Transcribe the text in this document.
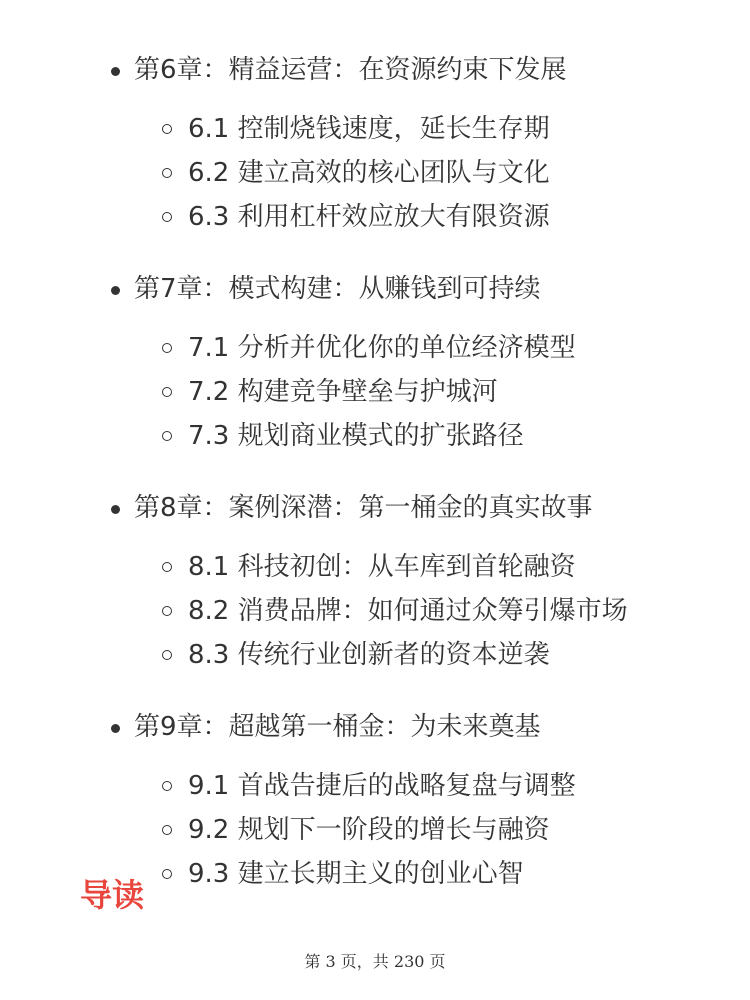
第6章：精益运营：在资源约束下发展
6.1 控制烧钱速度，延长生存期
6.2 建立高效的核心团队与文化
6.3 利用杠杆效应放大有限资源
第7章：模式构建：从赚钱到可持续
7.1 分析并优化你的单位经济模型
7.2 构建竞争壁垒与护城河
7.3 规划商业模式的扩张路径
第8章：案例深潜：第一桶金的真实故事
8.1 科技初创：从车库到首轮融资
8.2 消费品牌：如何通过众筹引爆市场
8.3 传统行业创新者的资本逆袭
第9章：超越第一桶金：为未来奠基
9.1 首战告捷后的战略复盘与调整
9.2 规划下一阶段的增长与融资
9.3 建立长期主义的创业心智
导读
第 3 页，共 230 页
